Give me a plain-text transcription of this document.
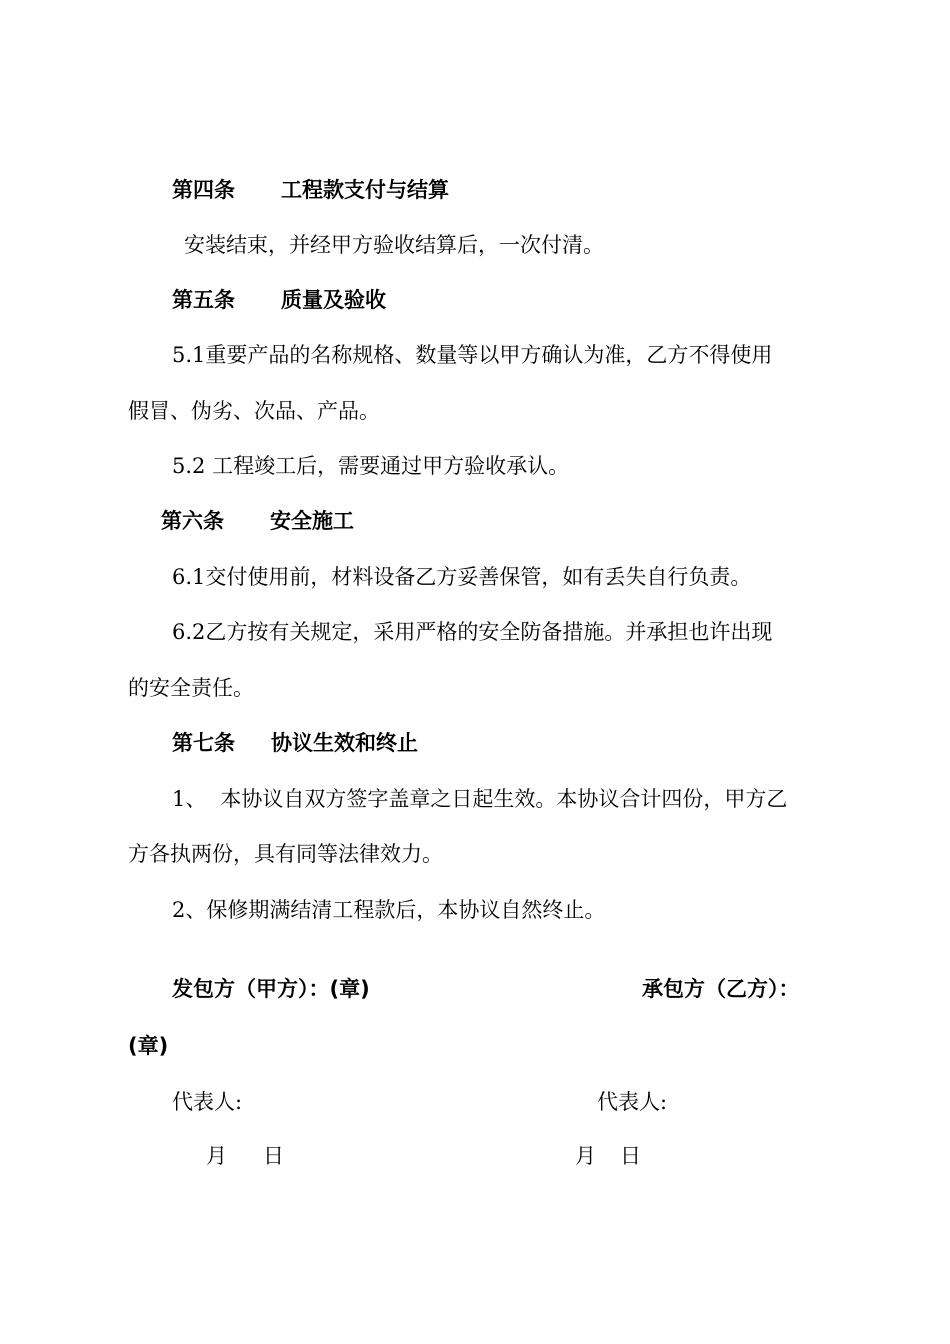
第四条 工程款支付与结算

安装结束，并经甲方验收结算后，一次付清。

第五条 质量及验收

5.1重要产品的名称规格、数量等以甲方确认为准，乙方不得使用

假冒、伪劣、次品、产品。

5.2 工程竣工后，需要通过甲方验收承认。

第六条 安全施工

6.1交付使用前，材料设备乙方妥善保管，如有丢失自行负责。

6.2乙方按有关规定，采用严格的安全防备措施。并承担也许出现

的安全责任。

第七条 协议生效和终止
1、 本协议自双方签字盖章之日起生效。本协议合计四份，甲方乙

方各执两份，具有同等法律效力。

2、保修期满结清工程款后，本协议自然终止。

发包方（甲方）：(章)	承包方（乙方）：

(章)

代表人:	代表人:

月 日	月 日
